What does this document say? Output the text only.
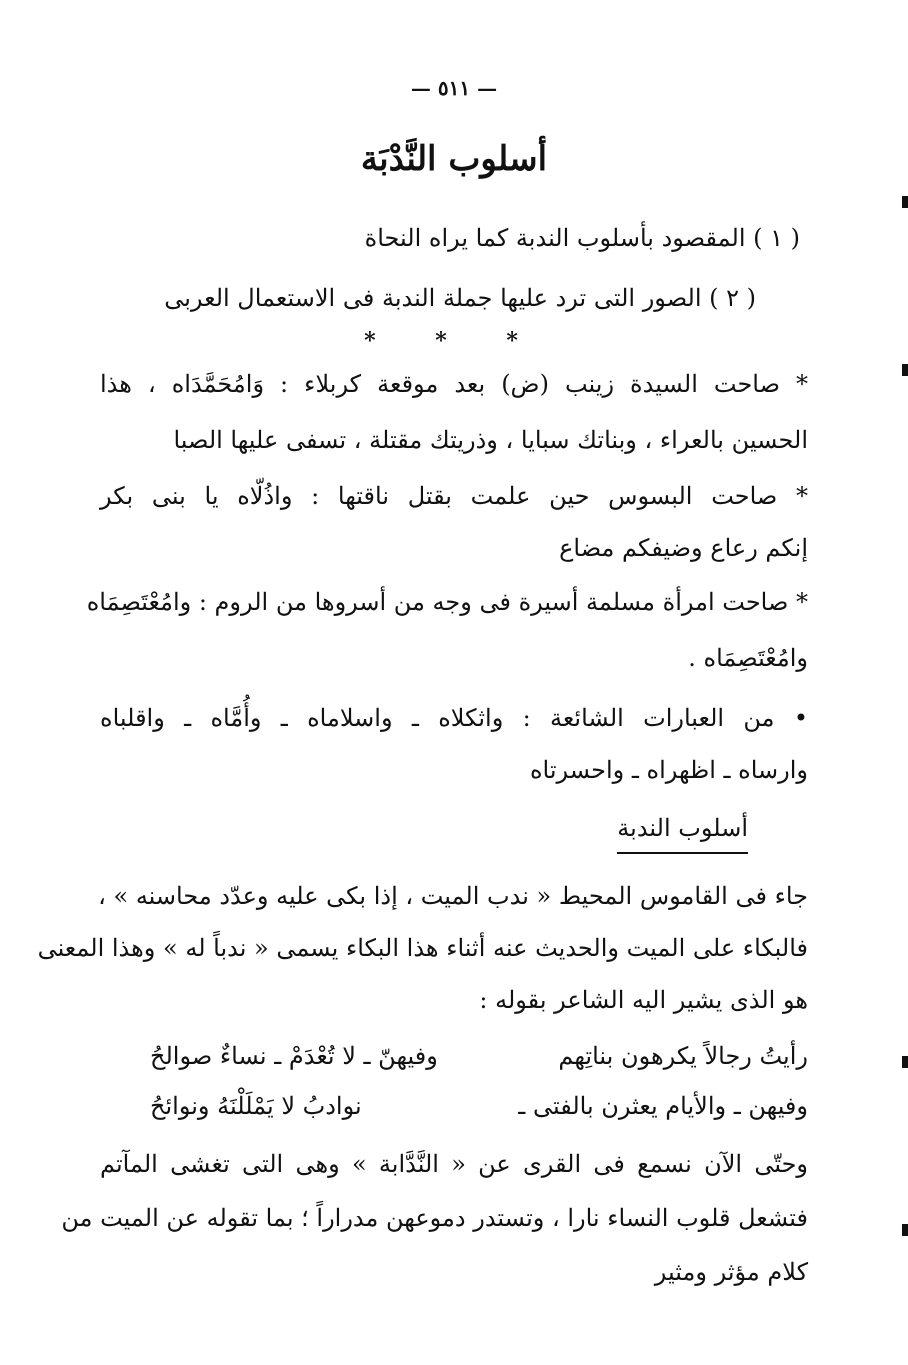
— ٥١١ —
أسلوب النَّدْبَة
( ١ ) المقصود بأسلوب الندبة كما يراه النحاة
( ٢ ) الصور التى ترد عليها جملة الندبة فى الاستعمال العربى
* * *
* صاحت السيدة زينب (ض) بعد موقعة كربلاء : وَامُحَمَّدَاه ، هذا
الحسين بالعراء ، وبناتك سبايا ، وذريتك مقتلة ، تسفى عليها الصبا
* صاحت البسوس حين علمت بقتل ناقتها : واذُلّاه يا بنى بكر
إنكم رعاع وضيفكم مضاع
* صاحت امرأة مسلمة أسيرة فى وجه من أسروها من الروم : وامُعْتَصِمَاه
وامُعْتَصِمَاه .
• من العبارات الشائعة : واثكلاه ـ واسلاماه ـ وأُمَّاه ـ واقلباه
وارساه ـ اظهراه ـ واحسرتاه
أسلوب الندبة
جاء فى القاموس المحيط « ندب الميت ، إذا بكى عليه وعدّد محاسنه » ،
فالبكاء على الميت والحديث عنه أثناء هذا البكاء يسمى « ندباً له » وهذا المعنى
هو الذى يشير اليه الشاعر بقوله :
رأيتُ رجالاً يكرهون بناتِهم
وفيهنّ ـ لا تُعْدَمْ ـ نساءٌ صوالحُ
وفيهن ـ والأيام يعثرن بالفتى ـ
نوادبُ لا يَمْلَلْنَهُ ونوائحُ
وحتّى الآن نسمع فى القرى عن « النَّدَّابة » وهى التى تغشى المآتم
فتشعل قلوب النساء نارا ، وتستدر دموعهن مدراراً ؛ بما تقوله عن الميت من
كلام مؤثر ومثير
